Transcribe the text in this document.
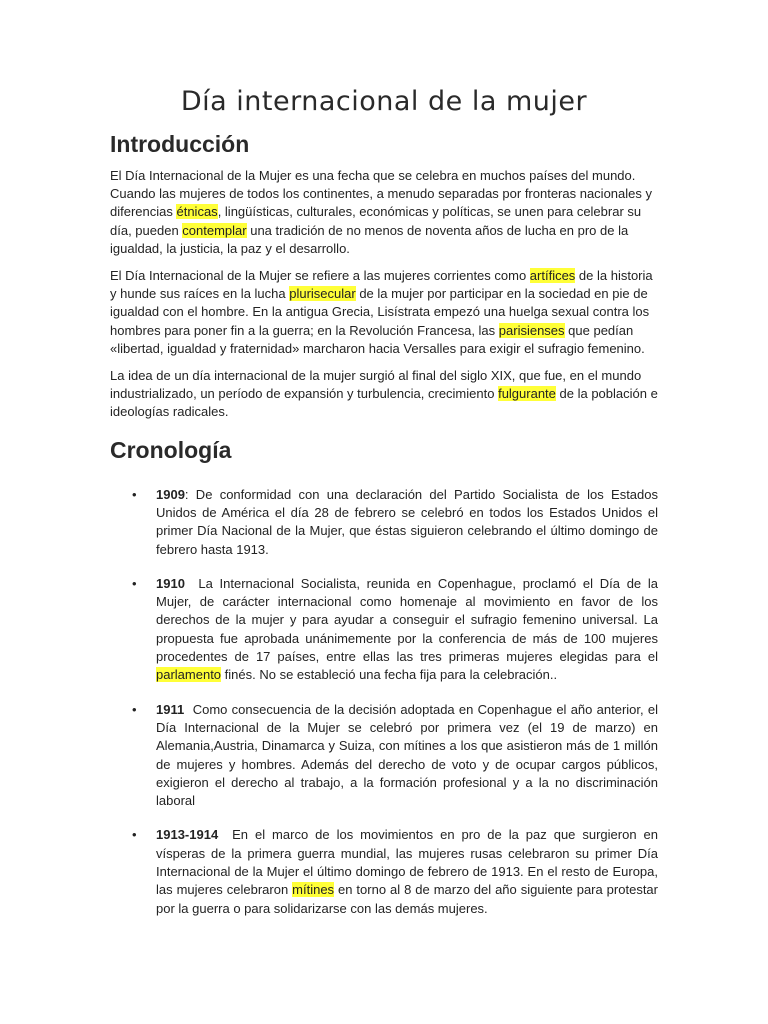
Día internacional de la mujer
Introducción

El Día Internacional de la Mujer es una fecha que se celebra en muchos países del mundo. Cuando las mujeres de todos los continentes, a menudo separadas por fronteras nacionales y diferencias étnicas, lingüísticas, culturales, económicas y políticas, se unen para celebrar su día, pueden contemplar una tradición de no menos de noventa años de lucha en pro de la igualdad, la justicia, la paz y el desarrollo.

El Día Internacional de la Mujer se refiere a las mujeres corrientes como artífices de la historia y hunde sus raíces en la lucha plurisecular de la mujer por participar en la sociedad en pie de igualdad con el hombre. En la antigua Grecia, Lisístrata empezó una huelga sexual contra los hombres para poner fin a la guerra; en la Revolución Francesa, las parisienses que pedían «libertad, igualdad y fraternidad» marcharon hacia Versalles para exigir el sufragio femenino.

La idea de un día internacional de la mujer surgió al final del siglo XIX, que fue, en el mundo industrializado, un período de expansión y turbulencia, crecimiento fulgurante de la población e ideologías radicales.

Cronología
• 1909: De conformidad con una declaración del Partido Socialista de los Estados Unidos de América el día 28 de febrero se celebró en todos los Estados Unidos el primer Día Nacional de la Mujer, que éstas siguieron celebrando el último domingo de febrero hasta 1913.
• 1910  La Internacional Socialista, reunida en Copenhague, proclamó el Día de la Mujer, de carácter internacional como homenaje al movimiento en favor de los derechos de la mujer y para ayudar a conseguir el sufragio femenino universal. La propuesta fue aprobada unánimemente por la conferencia de más de 100 mujeres procedentes de 17 países, entre ellas las tres primeras mujeres elegidas para el parlamento finés. No se estableció una fecha fija para la celebración..
• 1911  Como consecuencia de la decisión adoptada en Copenhague el año anterior, el Día Internacional de la Mujer se celebró por primera vez (el 19 de marzo) en Alemania,Austria, Dinamarca y Suiza, con mítines a los que asistieron más de 1 millón de mujeres y hombres. Además del derecho de voto y de ocupar cargos públicos, exigieron el derecho al trabajo, a la formación profesional y a la no discriminación laboral
• 1913-1914  En el marco de los movimientos en pro de la paz que surgieron en vísperas de la primera guerra mundial, las mujeres rusas celebraron su primer Día Internacional de la Mujer el último domingo de febrero de 1913. En el resto de Europa, las mujeres celebraron mítines en torno al 8 de marzo del año siguiente para protestar por la guerra o para solidarizarse con las demás mujeres.
